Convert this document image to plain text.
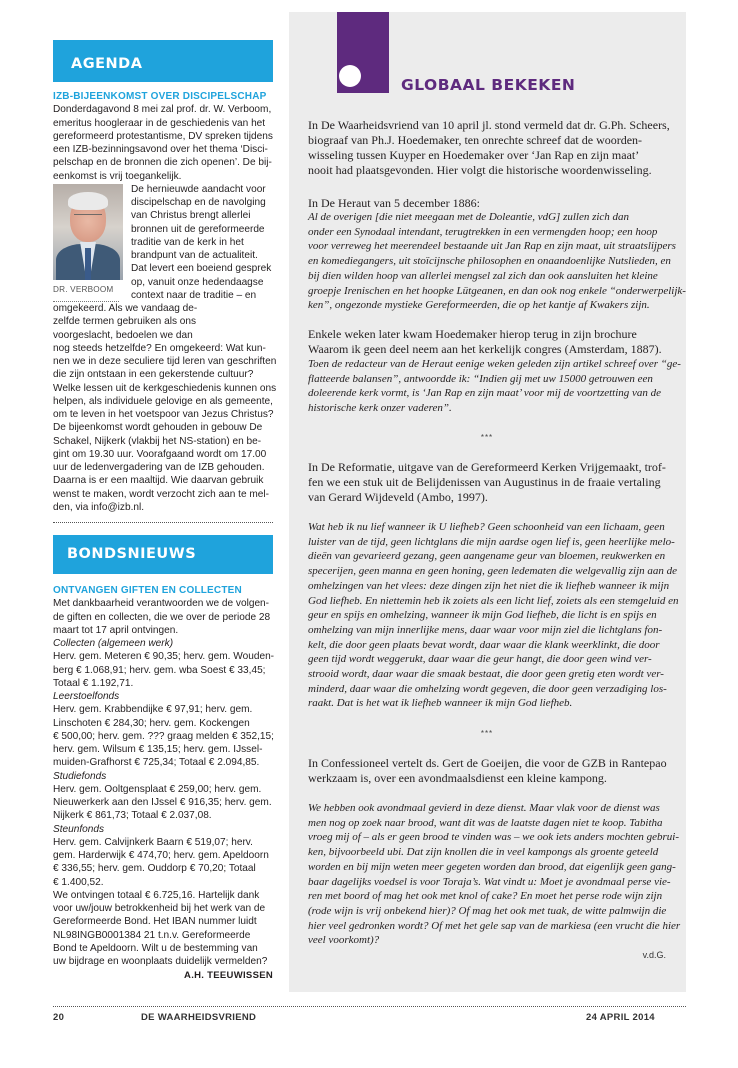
AGENDA
IZB-BIJEENKOMST OVER DISCIPELSCHAP
Donderdagavond 8 mei zal prof. dr. W. Verboom,
emeritus hoogleraar in de geschiedenis van het
gereformeerd protestantisme, DV spreken tijdens
een IZB-bezinningsavond over het thema ‘Disci-
pelschap en de bronnen die zich openen’. De bij-
eenkomst is vrij toegankelijk.
DR. VERBOOM
De hernieuwde aandacht voor
discipelschap en de navolging
van Christus brengt allerlei
bronnen uit de gereformeerde
traditie van de kerk in het
brandpunt van de actualiteit.
Dat levert een boeiend gesprek
op, vanuit onze hedendaagse
context naar de traditie – en
omgekeerd. Als we vandaag de-
zelfde termen gebruiken als ons
voorgeslacht, bedoelen we dan
nog steeds hetzelfde? En omgekeerd: Wat kun-
nen we in deze seculiere tijd leren van geschriften
die zijn ontstaan in een gekerstende cultuur?
Welke lessen uit de kerkgeschiedenis kunnen ons
helpen, als individuele gelovige en als gemeente,
om te leven in het voetspoor van Jezus Christus?
De bijeenkomst wordt gehouden in gebouw De
Schakel, Nijkerk (vlakbij het NS-station) en be-
gint om 19.30 uur. Voorafgaand wordt om 17.00
uur de ledenvergadering van de IZB gehouden.
Daarna is er een maaltijd. Wie daarvan gebruik
wenst te maken, wordt verzocht zich aan te mel-
den, via info@izb.nl.
BONDSNIEUWS
ONTVANGEN GIFTEN EN COLLECTEN
Met dankbaarheid verantwoorden we de volgen-
de giften en collecten, die we over de periode 28
maart tot 17 april ontvingen.
Collecten (algemeen werk)
Herv. gem. Meteren € 90,35; herv. gem. Wouden-
berg € 1.068,91; herv. gem. wba Soest € 33,45;
Totaal € 1.192,71.
Leerstoelfonds
Herv. gem. Krabbendijke € 97,91; herv. gem.
Linschoten € 284,30; herv. gem. Kockengen
€ 500,00; herv. gem. ??? graag melden € 352,15;
herv. gem. Wilsum € 135,15; herv. gem. IJssel-
muiden-Grafhorst € 725,34; Totaal € 2.094,85.
Studiefonds
Herv. gem. Ooltgensplaat € 259,00; herv. gem.
Nieuwerkerk aan den IJssel € 916,35; herv. gem.
Nijkerk € 861,73; Totaal € 2.037,08.
Steunfonds
Herv. gem. Calvijnkerk Baarn € 519,07; herv.
gem. Harderwijk € 474,70; herv. gem. Apeldoorn
€ 336,55; herv. gem. Ouddorp € 70,20; Totaal
€ 1.400,52.
We ontvingen totaal € 6.725,16. Hartelijk dank
voor uw/jouw betrokkenheid bij het werk van de
Gereformeerde Bond. Het IBAN nummer luidt
NL98INGB0001384 21 t.n.v. Gereformeerde
Bond te Apeldoorn. Wilt u de bestemming van
uw bijdrage en woonplaats duidelijk vermelden?
A.H. TEEUWISSEN
GLOBAAL BEKEKEN
In De Waarheidsvriend van 10 april jl. stond vermeld dat dr. G.Ph. Scheers,
biograaf van Ph.J. Hoedemaker, ten onrechte schreef dat de woorden-
wisseling tussen Kuyper en Hoedemaker over ‘Jan Rap en zijn maat’
nooit had plaatsgevonden. Hier volgt die historische woordenwisseling.
In De Heraut van 5 december 1886:
Al de overigen [die niet meegaan met de Doleantie, vdG] zullen zich dan
onder een Synodaal intendant, terugtrekken in een vermengden hoop; een hoop
voor verreweg het meerendeel bestaande uit Jan Rap en zijn maat, uit straatslijpers
en komediegangers, uit stoïcijnsche philosophen en onaandoenlijke Nutslieden, en
bij dien wilden hoop van allerlei mengsel zal zich dan ook aansluiten het kleine
groepje Irenischen en het hoopke Lütgeanen, en dan ook nog enkele “onderwerpelijk-
ken”, ongezonde mystieke Gereformeerden, die op het kantje af Kwakers zijn.
Enkele weken later kwam Hoedemaker hierop terug in zijn brochure
Waarom ik geen deel neem aan het kerkelijk congres (Amsterdam, 1887).
Toen de redacteur van de Heraut eenige weken geleden zijn artikel schreef over “ge-
flatteerde balansen”, antwoordde ik: “Indien gij met uw 15000 getrouwen een
doleerende kerk vormt, is ‘Jan Rap en zijn maat’ voor mij de voortzetting van de
historische kerk onzer vaderen”.
***
In De Reformatie, uitgave van de Gereformeerd Kerken Vrijgemaakt, trof-
fen we een stuk uit de Belijdenissen van Augustinus in de fraaie vertaling
van Gerard Wijdeveld (Ambo, 1997).
Wat heb ik nu lief wanneer ik U liefheb? Geen schoonheid van een lichaam, geen
luister van de tijd, geen lichtglans die mijn aardse ogen lief is, geen heerlijke melo-
dieën van gevarieerd gezang, geen aangename geur van bloemen, reukwerken en
specerijen, geen manna en geen honing, geen ledematen die welgevallig zijn aan de
omhelzingen van het vlees: deze dingen zijn het niet die ik liefheb wanneer ik mijn
God liefheb. En niettemin heb ik zoiets als een licht lief, zoiets als een stemgeluid en
geur en spijs en omhelzing, wanneer ik mijn God liefheb, die licht is en spijs en
omhelzing van mijn innerlijke mens, daar waar voor mijn ziel die lichtglans fon-
kelt, die door geen plaats bevat wordt, daar waar die klank weerklinkt, die door
geen tijd wordt weggerukt, daar waar die geur hangt, die door geen wind ver-
strooid wordt, daar waar die smaak bestaat, die door geen gretig eten wordt ver-
minderd, daar waar die omhelzing wordt gegeven, die door geen verzadiging los-
raakt. Dat is het wat ik liefheb wanneer ik mijn God liefheb.
***
In Confessioneel vertelt ds. Gert de Goeijen, die voor de GZB in Rantepao
werkzaam is, over een avondmaalsdienst een kleine kampong.
We hebben ook avondmaal gevierd in deze dienst. Maar vlak voor de dienst was
men nog op zoek naar brood, want dit was de laatste dagen niet te koop. Tabitha
vroeg mij of – als er geen brood te vinden was – we ook iets anders mochten gebrui-
ken, bijvoorbeeld ubi. Dat zijn knollen die in veel kampongs als groente geteeld
worden en bij mijn weten meer gegeten worden dan brood, dat eigenlijk geen gang-
baar dagelijks voedsel is voor Toraja’s. Wat vindt u: Moet je avondmaal perse vie-
ren met boord of mag het ook met knol of cake? En moet het perse rode wijn zijn
(rode wijn is vrij onbekend hier)? Of mag het ook met tuak, de witte palmwijn die
hier veel gedronken wordt? Of met het gele sap van de markiesa (een vrucht die hier
veel voorkomt)?
v.d.G.
20	DE WAARHEIDSVRIEND	24 APRIL 2014
